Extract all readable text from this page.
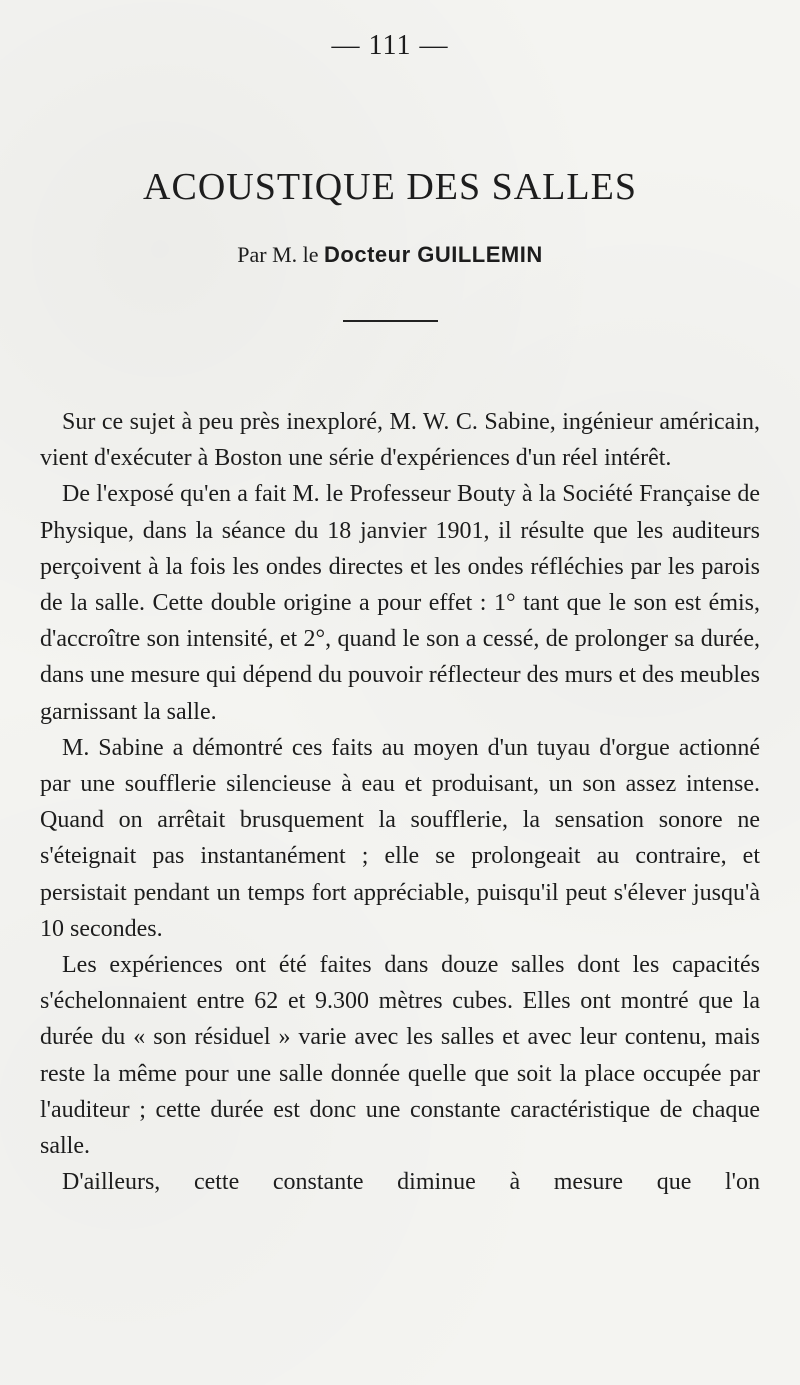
— 111 —
ACOUSTIQUE DES SALLES
Par M. le Docteur GUILLEMIN

Sur ce sujet à peu près inexploré, M. W. C. Sabine, ingénieur américain, vient d'exécuter à Boston une série d'expériences d'un réel intérêt.

De l'exposé qu'en a fait M. le Professeur Bouty à la Société Française de Physique, dans la séance du 18 janvier 1901, il résulte que les auditeurs perçoivent à la fois les ondes directes et les ondes réfléchies par les parois de la salle. Cette double origine a pour effet : 1° tant que le son est émis, d'accroître son intensité, et 2°, quand le son a cessé, de prolonger sa durée, dans une mesure qui dépend du pouvoir réflecteur des murs et des meubles garnissant la salle.

M. Sabine a démontré ces faits au moyen d'un tuyau d'orgue actionné par une soufflerie silencieuse à eau et produisant, un son assez intense. Quand on arrêtait brusquement la soufflerie, la sensation sonore ne s'éteignait pas instantanément ; elle se prolongeait au contraire, et persistait pendant un temps fort appréciable, puisqu'il peut s'élever jusqu'à 10 secondes.

Les expériences ont été faites dans douze salles dont les capacités s'échelonnaient entre 62 et 9.300 mètres cubes. Elles ont montré que la durée du « son résiduel » varie avec les salles et avec leur contenu, mais reste la même pour une salle donnée quelle que soit la place occupée par l'auditeur ; cette durée est donc une constante caractéristique de chaque salle.

D'ailleurs, cette constante diminue à mesure que l'on
